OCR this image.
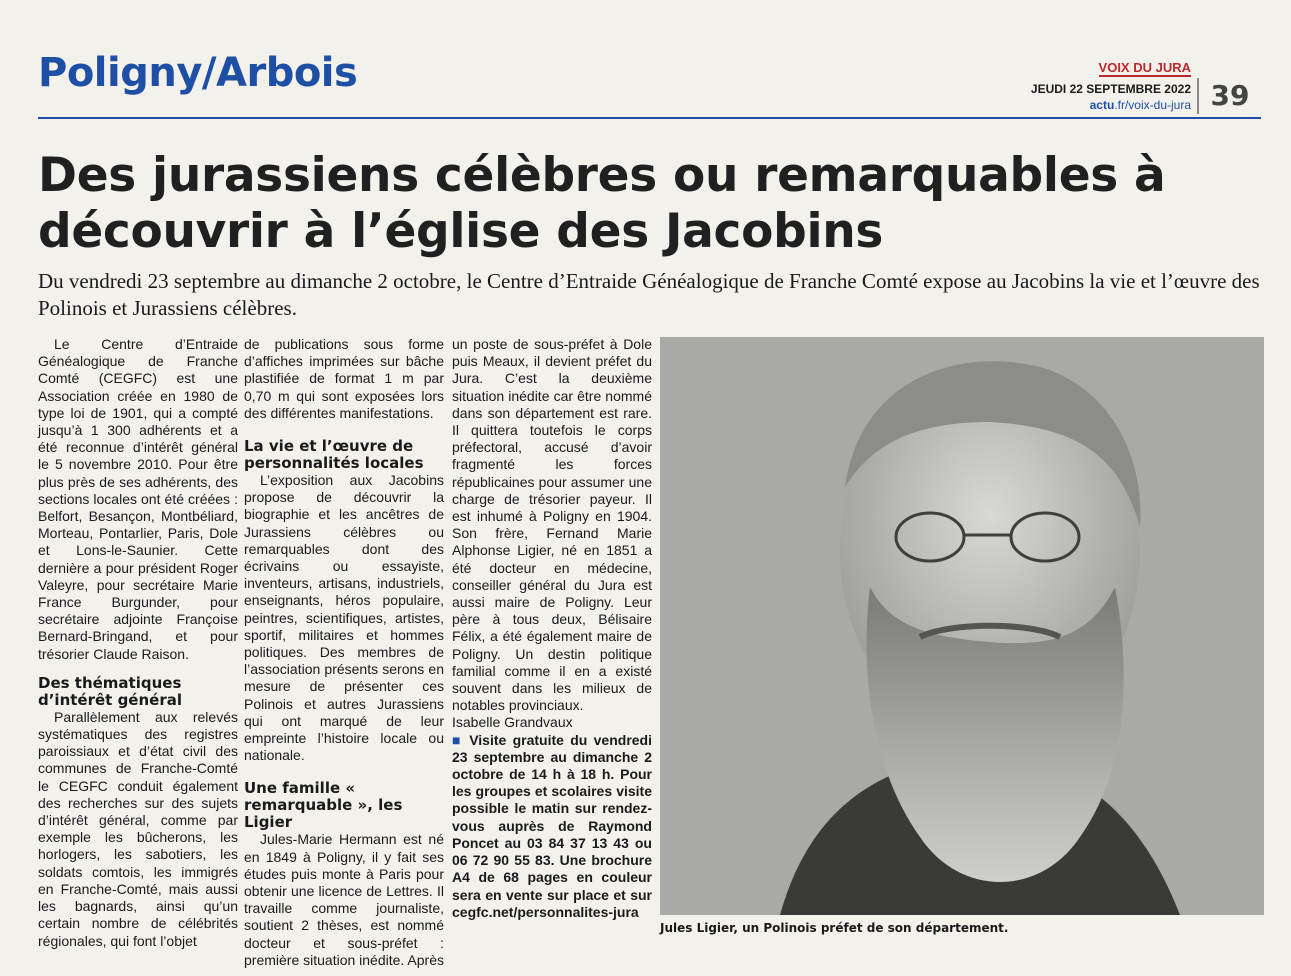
Poligny/Arbois	VOIX DU JURA
JEUDI 22 SEPTEMBRE 2022
actu.fr/voix-du-jura 39
Des jurassiens célèbres ou remarquables à
découvrir à l’église des Jacobins

Du vendredi 23 septembre au dimanche 2 octobre, le Centre d’Entraide Généalogique de Franche Comté expose au Jacobins la vie et l’œuvre des Polinois et Jurassiens célèbres.

Le Centre d’Entraide Généalogique de Franche Comté (CEGFC) est une Association créée en 1980 de type loi de 1901, qui a compté jusqu’à 1 300 adhérents et a été reconnue d’intérêt général le 5 novembre 2010. Pour être plus près de ses adhérents, des sections locales ont été créées : Belfort, Besançon, Montbéliard, Morteau, Pontarlier, Paris, Dole et Lons-le-Saunier. Cette dernière a pour président Roger Valeyre, pour secrétaire Marie France Burgunder, pour secrétaire adjointe Françoise Bernard-Bringand, et pour trésorier Claude Raison.

Des thématiques d’intérêt général

Parallèlement aux relevés systématiques des registres paroissiaux et d’état civil des communes de Franche-Comté le CEGFC conduit également des recherches sur des sujets d’intérêt général, comme par exemple les bûcherons, les horlogers, les sabotiers, les soldats comtois, les immigrés en Franche-Comté, mais aussi les bagnards, ainsi qu’un certain nombre de célébrités régionales, qui font l’objet

de publications sous forme d’affiches imprimées sur bâche plastifiée de format 1 m par 0,70 m qui sont exposées lors des différentes manifestations.

La vie et l’œuvre de personnalités locales

L’exposition aux Jacobins propose de découvrir la biographie et les ancêtres de Jurassiens célèbres ou remarquables dont des écrivains ou essayiste, inventeurs, artisans, industriels, enseignants, héros populaire, peintres, scientifiques, artistes, sportif, militaires et hommes politiques. Des membres de l’association présents serons en mesure de présenter ces Polinois et autres Jurassiens qui ont marqué de leur empreinte l’histoire locale ou nationale.

Une famille « remarquable », les Ligier

Jules-Marie Hermann est né en 1849 à Poligny, il y fait ses études puis monte à Paris pour obtenir une licence de Lettres. Il travaille comme journaliste, soutient 2 thèses, est nommé docteur et sous-préfet : première situation inédite. Après

un poste de sous-préfet à Dole puis Meaux, il devient préfet du Jura. C’est la deuxième situation inédite car être nommé dans son département est rare. Il quittera toutefois le corps préfectoral, accusé d’avoir fragmenté les forces républicaines pour assumer une charge de trésorier payeur. Il est inhumé à Poligny en 1904. Son frère, Fernand Marie Alphonse Ligier, né en 1851 a été docteur en médecine, conseiller général du Jura est aussi maire de Poligny. Leur père à tous deux, Bélisaire Félix, a été également maire de Poligny. Un destin politique familial comme il en a existé souvent dans les milieux de notables provinciaux.

Isabelle Grandvaux

■ Visite gratuite du vendredi 23 septembre au dimanche 2 octobre de 14 h à 18 h. Pour les groupes et scolaires visite possible le matin sur rendez-vous auprès de Raymond Poncet au 03 84 37 13 43 ou 06 72 90 55 83. Une brochure A4 de 68 pages en couleur sera en vente sur place et sur cegfc.net/personnalites-jura

Jules Ligier, un Polinois préfet de son département.
